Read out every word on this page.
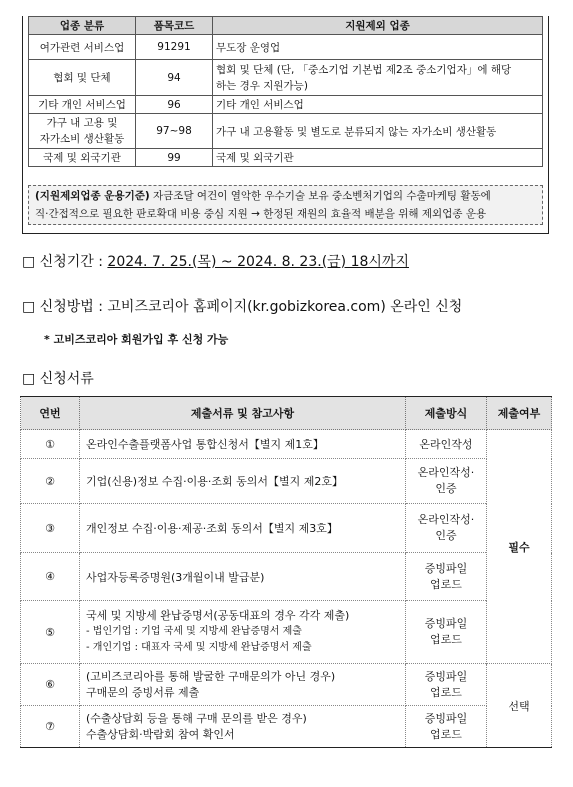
업종 분류	품목코드	지원제외 업종
여가관련 서비스업	91291	무도장 운영업
협회 및 단체	94	협회 및 단체 (단, 「중소기업 기본법 제2조 중소기업자」에 해당
하는 경우 지원가능)

기타 개인 서비스업	96	기타 개인 서비스업

가구 내 고용 및
자가소비 생산활동	97~98	가구 내 고용활동 및 별도로 분류되지 않는 자가소비 생산활동
국제 및 외국기관	99	국제 및 외국기관
(지원제외업종 운용기준) 자금조달 여건이 열악한 우수기술 보유 중소벤처기업의 수출마케팅 활동에
직·간접적으로 필요한 판로확대 비용 중심 지원 → 한정된 재원의 효율적 배분을 위해 제외업종 운용
□ 신청기간 : 2024. 7. 25.(목) ~ 2024. 8. 23.(금) 18시까지
□ 신청방법 : 고비즈코리아 홈페이지(kr.gobizkorea.com) 온라인 신청
* 고비즈코리아 회원가입 후 신청 가능
□ 신청서류
연번	제출서류 및 참고사항	제출방식	제출여부
①	온라인수출플랫폼사업 통합신청서【별지 제1호】	온라인작성	필수
②	기업(신용)정보 수집·이용·조회 동의서【별지 제2호】	온라인작성·
인증	

③	개인정보 수집·이용·제공·조회 동의서【별지 제3호】	온라인작성·
인증	

④	사업자등록증명원(3개월이내 발급분)	증빙파일
업로드	

⑤	국세 및 지방세 완납증명서(공동대표의 경우 각각 제출)
- 법인기업 : 기업 국세 및 지방세 완납증명서 제출
- 개인기업 : 대표자 국세 및 지방세 완납증명서 제출	증빙파일
업로드	

⑥	(고비즈코리아를 통해 발굴한 구매문의가 아닌 경우)
구매문의 증빙서류 제출	증빙파일
업로드	선택
⑦	(수출상담회 등을 통해 구매 문의를 받은 경우)
수출상담회·박람회 참여 확인서	증빙파일
업로드	
